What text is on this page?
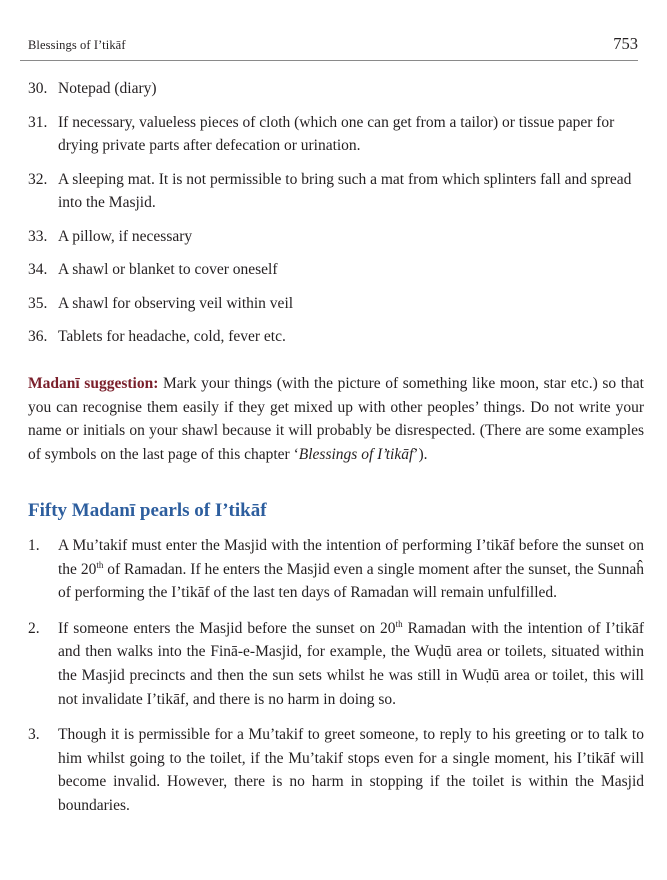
Blessings of I’tikāf	753
30. Notepad (diary)
31. If necessary, valueless pieces of cloth (which one can get from a tailor) or tissue paper for drying private parts after defecation or urination.
32. A sleeping mat. It is not permissible to bring such a mat from which splinters fall and spread into the Masjid.
33. A pillow, if necessary
34. A shawl or blanket to cover oneself
35. A shawl for observing veil within veil
36. Tablets for headache, cold, fever etc.

Madanī suggestion: Mark your things (with the picture of something like moon, star etc.) so that you can recognise them easily if they get mixed up with other peoples’ things. Do not write your name or initials on your shawl because it will probably be disrespected. (There are some examples of symbols on the last page of this chapter ‘Blessings of I’tikāf’).

Fifty Madanī pearls of I’tikāf
1. A Mu’takif must enter the Masjid with the intention of performing I’tikāf before the sunset on the 20th of Ramadan. If he enters the Masjid even a single moment after the sunset, the Sunnaĥ of performing the I’tikāf of the last ten days of Ramadan will remain unfulfilled.
2. If someone enters the Masjid before the sunset on 20th Ramadan with the intention of I’tikāf and then walks into the Finā-e-Masjid, for example, the Wuḍū area or toilets, situated within the Masjid precincts and then the sun sets whilst he was still in Wuḍū area or toilet, this will not invalidate I’tikāf, and there is no harm in doing so.
3. Though it is permissible for a Mu’takif to greet someone, to reply to his greeting or to talk to him whilst going to the toilet, if the Mu’takif stops even for a single moment, his I’tikāf will become invalid. However, there is no harm in stopping if the toilet is within the Masjid boundaries.
